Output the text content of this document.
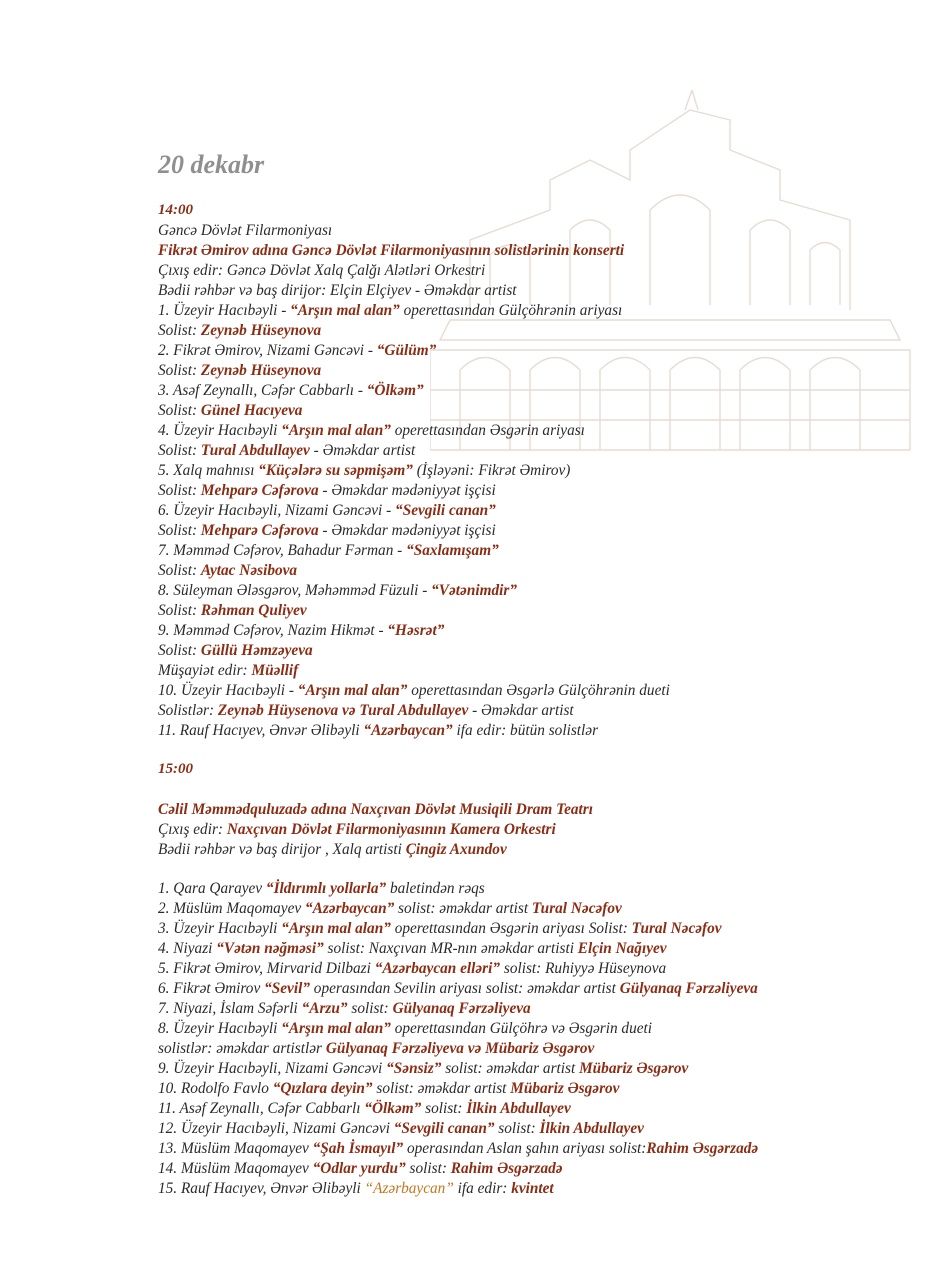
20 dekabr
14:00
Gəncə Dövlət Filarmoniyası
Fikrət Əmirov adına Gəncə Dövlət Filarmoniyasının solistlərinin konserti
Çıxış edir: Gəncə Dövlət Xalq Çalğı Alətləri Orkestri
Bədii rəhbər və baş dirijor: Elçin Elçiyev - Əməkdar artist
1. Üzeyir Hacıbəyli - “Arşın mal alan” operettasından Gülçöhrənin ariyası
Solist: Zeynəb Hüseynova
2. Fikrət Əmirov, Nizami Gəncəvi - “Gülüm”
Solist: Zeynəb Hüseynova
3. Asəf Zeynallı, Cəfər Cabbarlı - “Ölkəm”
Solist: Günel Hacıyeva
4. Üzeyir Hacıbəyli “Arşın mal alan” operettasından Əsgərin ariyası
Solist: Tural Abdullayev - Əməkdar artist
5. Xalq mahnısı “Küçələrə su səpmişəm” (İşləyəni: Fikrət Əmirov)
Solist: Mehparə Cəfərova - Əməkdar mədəniyyət işçisi
6. Üzeyir Hacıbəyli, Nizami Gəncəvi - “Sevgili canan”
Solist: Mehparə Cəfərova - Əməkdar mədəniyyət işçisi
7. Məmməd Cəfərov, Bahadur Fərman - “Saxlamışam”
Solist: Aytac Nəsibova
8. Süleyman Ələsgərov, Məhəmməd Füzuli - “Vətənimdir”
Solist: Rəhman Quliyev
9. Məmməd Cəfərov, Nazim Hikmət - “Həsrət”
Solist: Güllü Həmzəyeva
Müşayiət edir: Müəllif
10. Üzeyir Hacıbəyli - “Arşın mal alan” operettasından Əsgərlə Gülçöhrənin dueti
Solistlər: Zeynəb Hüysenova və Tural Abdullayev - Əməkdar artist
11. Rauf Hacıyev, Ənvər Əlibəyli “Azərbaycan” ifa edir: bütün solistlər
15:00
Cəlil Məmmədquluzadə adına Naxçıvan Dövlət Musiqili Dram Teatrı
Çıxış edir: Naxçıvan Dövlət Filarmoniyasının Kamera Orkestri
Bədii rəhbər və baş dirijor , Xalq artisti Çingiz Axundov
1. Qara Qarayev “İldırımlı yollarla” baletindən rəqs
2. Müslüm Maqomayev “Azərbaycan” solist: əməkdar artist Tural Nəcəfov
3. Üzeyir Hacıbəyli “Arşın mal alan” operettasından Əsgərin ariyası Solist: Tural Nəcəfov
4. Niyazi “Vətən nəğməsi” solist: Naxçıvan MR-nın əməkdar artisti Elçin Nağıyev
5. Fikrət Əmirov, Mirvarid Dilbazi “Azərbaycan elləri” solist: Ruhiyyə Hüseynova
6. Fikrət Əmirov “Sevil” operasından Sevilin ariyası solist: əməkdar artist Gülyanaq Fərzəliyeva
7. Niyazi, İslam Səfərli “Arzu” solist: Gülyanaq Fərzəliyeva
8. Üzeyir Hacıbəyli “Arşın mal alan” operettasından Gülçöhrə və Əsgərin dueti
solistlər: əməkdar artistlər Gülyanaq Fərzəliyeva və Mübariz Əsgərov
9. Üzeyir Hacıbəyli, Nizami Gəncəvi “Sənsiz” solist: əməkdar artist Mübariz Əsgərov
10. Rodolfo Favlo “Qızlara deyin” solist: əməkdar artist Mübariz Əsgərov
11. Asəf Zeynallı, Cəfər Cabbarlı “Ölkəm” solist: İlkin Abdullayev
12. Üzeyir Hacıbəyli, Nizami Gəncəvi “Sevgili canan” solist: İlkin Abdullayev
13. Müslüm Maqomayev “Şah İsmayıl” operasından Aslan şahın ariyası solist:Rahim Əsgərzadə
14. Müslüm Maqomayev “Odlar yurdu” solist: Rahim Əsgərzadə
15. Rauf Hacıyev, Ənvər Əlibəyli “Azərbaycan” ifa edir: kvintet
